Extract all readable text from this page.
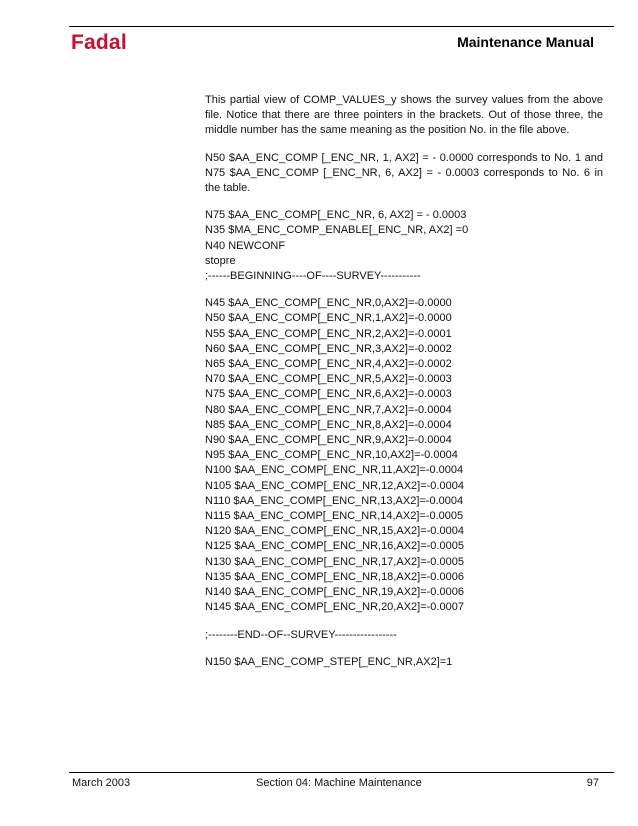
Fadal	Maintenance Manual

This partial view of COMP_VALUES_y shows the survey values from the above file. Notice that there are three pointers in the brackets. Out of those three, the middle number has the same meaning as the position No. in the file above.

N50 $AA_ENC_COMP [_ENC_NR, 1, AX2] = - 0.0000 corresponds to No. 1 and N75 $AA_ENC_COMP [_ENC_NR, 6, AX2] = - 0.0003 corresponds to No. 6 in the table.

N75 $AA_ENC_COMP[_ENC_NR, 6, AX2] = - 0.0003
N35 $MA_ENC_COMP_ENABLE[_ENC_NR, AX2] =0
N40 NEWCONF
stopre
;------BEGINNING----OF----SURVEY-----------
N45 $AA_ENC_COMP[_ENC_NR,0,AX2]=-0.0000
N50 $AA_ENC_COMP[_ENC_NR,1,AX2]=-0.0000
N55 $AA_ENC_COMP[_ENC_NR,2,AX2]=-0.0001
N60 $AA_ENC_COMP[_ENC_NR,3,AX2]=-0.0002
N65 $AA_ENC_COMP[_ENC_NR,4,AX2]=-0.0002
N70 $AA_ENC_COMP[_ENC_NR,5,AX2]=-0.0003
N75 $AA_ENC_COMP[_ENC_NR,6,AX2]=-0.0003
N80 $AA_ENC_COMP[_ENC_NR,7,AX2]=-0.0004
N85 $AA_ENC_COMP[_ENC_NR,8,AX2]=-0.0004
N90 $AA_ENC_COMP[_ENC_NR,9,AX2]=-0.0004
N95 $AA_ENC_COMP[_ENC_NR,10,AX2]=-0.0004
N100 $AA_ENC_COMP[_ENC_NR,11,AX2]=-0.0004
N105 $AA_ENC_COMP[_ENC_NR,12,AX2]=-0.0004
N110 $AA_ENC_COMP[_ENC_NR,13,AX2]=-0.0004
N115 $AA_ENC_COMP[_ENC_NR,14,AX2]=-0.0005
N120 $AA_ENC_COMP[_ENC_NR,15,AX2]=-0.0004
N125 $AA_ENC_COMP[_ENC_NR,16,AX2]=-0.0005
N130 $AA_ENC_COMP[_ENC_NR,17,AX2]=-0.0005
N135 $AA_ENC_COMP[_ENC_NR,18,AX2]=-0.0006
N140 $AA_ENC_COMP[_ENC_NR,19,AX2]=-0.0006
N145 $AA_ENC_COMP[_ENC_NR,20,AX2]=-0.0007
;--------END--OF--SURVEY-----------------
N150 $AA_ENC_COMP_STEP[_ENC_NR,AX2]=1
March 2003	Section 04: Machine Maintenance	97
